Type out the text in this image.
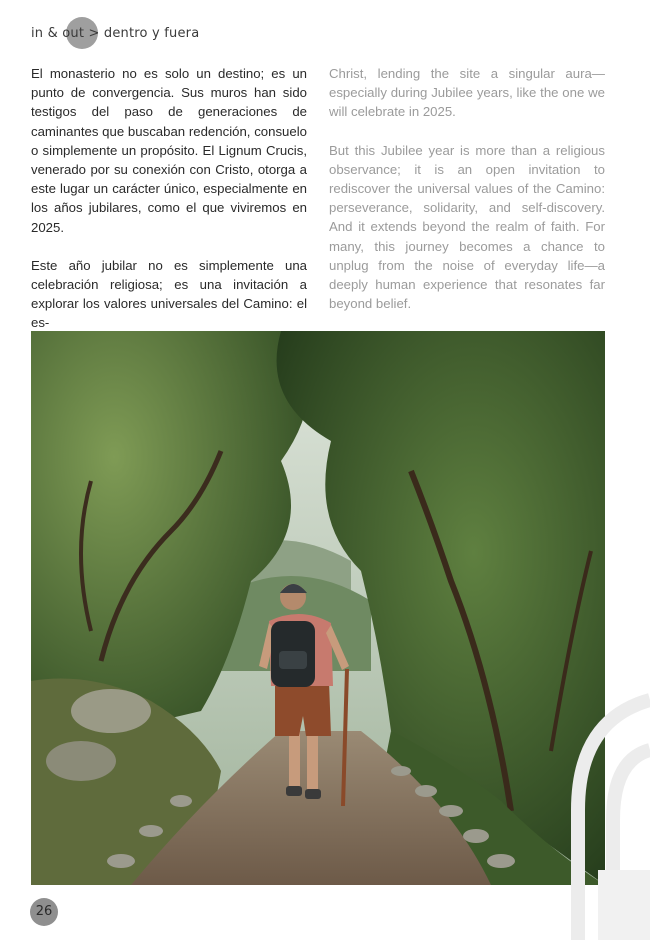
in & out > dentro y fuera

El monasterio no es solo un destino; es un punto de convergencia. Sus muros han sido testigos del paso de generaciones de caminantes que buscaban redención, consuelo o simplemente un propósito. El Lignum Crucis, venerado por su conexión con Cristo, otorga a este lugar un carácter único, especialmente en los años jubilares, como el que viviremos en 2025.

Este año jubilar no es simplemente una celebración religiosa; es una invitación a explorar los valores universales del Camino: el es-

Christ, lending the site a singular aura—especially during Jubilee years, like the one we will celebrate in 2025.

But this Jubilee year is more than a religious observance; it is an open invitation to rediscover the universal values of the Camino: perseverance, solidarity, and self-discovery. And it extends beyond the realm of faith. For many, this journey becomes a chance to unplug from the noise of everyday life—a deeply human experience that resonates far beyond belief.

26
